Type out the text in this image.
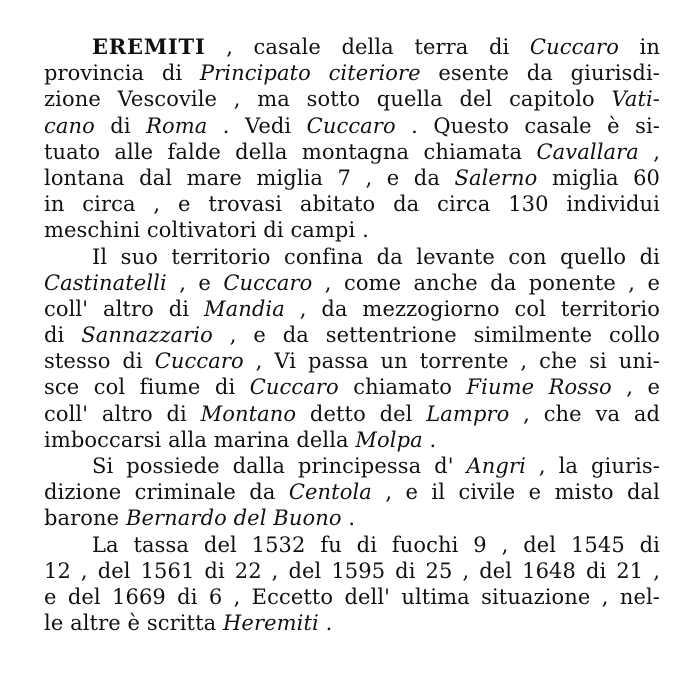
EREMITI , casale della terra di Cuccaro in
provincia di Principato citeriore esente da giurisdi-
zione Vescovile , ma sotto quella del capitolo Vati-
cano di Roma . Vedi Cuccaro . Questo casale è si-
tuato alle falde della montagna chiamata Cavallara ,
lontana dal mare miglia 7 , e da Salerno miglia 60
in circa , e trovasi abitato da circa 130 individui
meschini coltivatori di campi .
Il suo territorio confina da levante con quello di
Castinatelli , e Cuccaro , come anche da ponente , e
coll' altro di Mandia , da mezzogiorno col territorio
di Sannazzario , e da settentrione similmente collo
stesso di Cuccaro , Vi passa un torrente , che si uni-
sce col fiume di Cuccaro chiamato Fiume Rosso , e
coll' altro di Montano detto del Lampro , che va ad
imboccarsi alla marina della Molpa .
Si possiede dalla principessa d' Angri , la giuris-
dizione criminale da Centola , e il civile e misto dal
barone Bernardo del Buono .
La tassa del 1532 fu di fuochi 9 , del 1545 di
12 , del 1561 di 22 , del 1595 di 25 , del 1648 di 21 ,
e del 1669 di 6 , Eccetto dell' ultima situazione , nel-
le altre è scritta Heremiti .
